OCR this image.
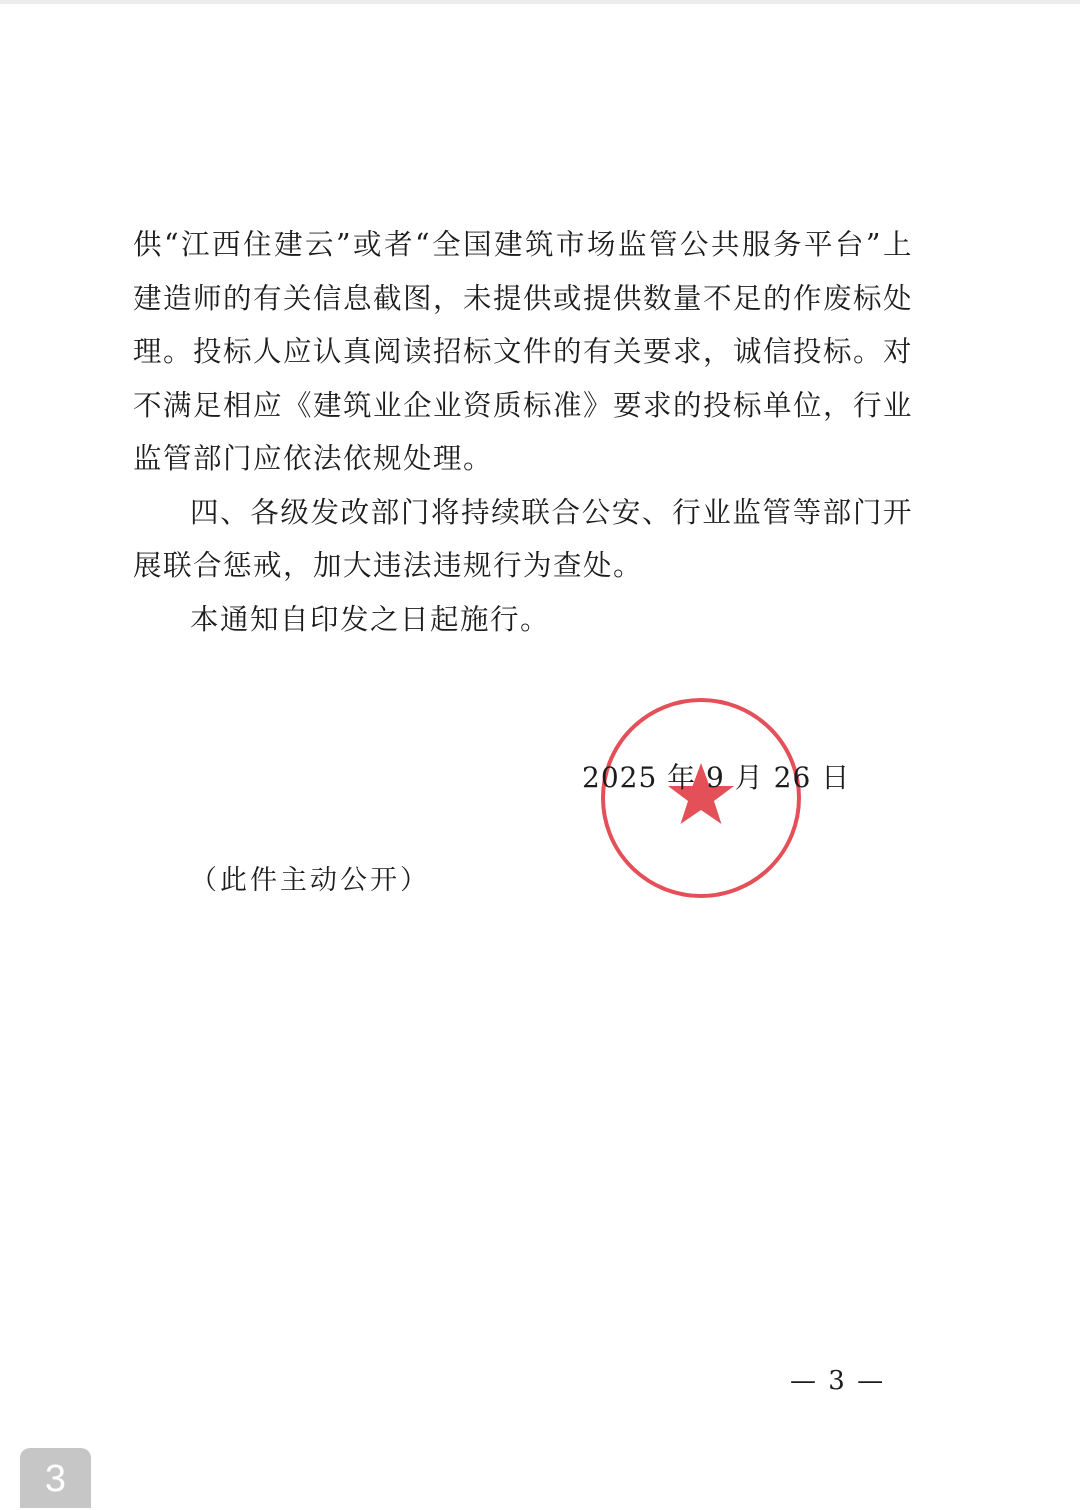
供“江西住建云”或者“全国建筑市场监管公共服务平台”上建造师的有关信息截图，未提供或提供数量不足的作废标处理。投标人应认真阅读招标文件的有关要求，诚信投标。对不满足相应《建筑业企业资质标准》要求的投标单位，行业监管部门应依法依规处理。

四、各级发改部门将持续联合公安、行业监管等部门开展联合惩戒，加大违法违规行为查处。

本通知自印发之日起施行。

2025 年 9 月 26 日
（此件主动公开）
— 3 —
3
